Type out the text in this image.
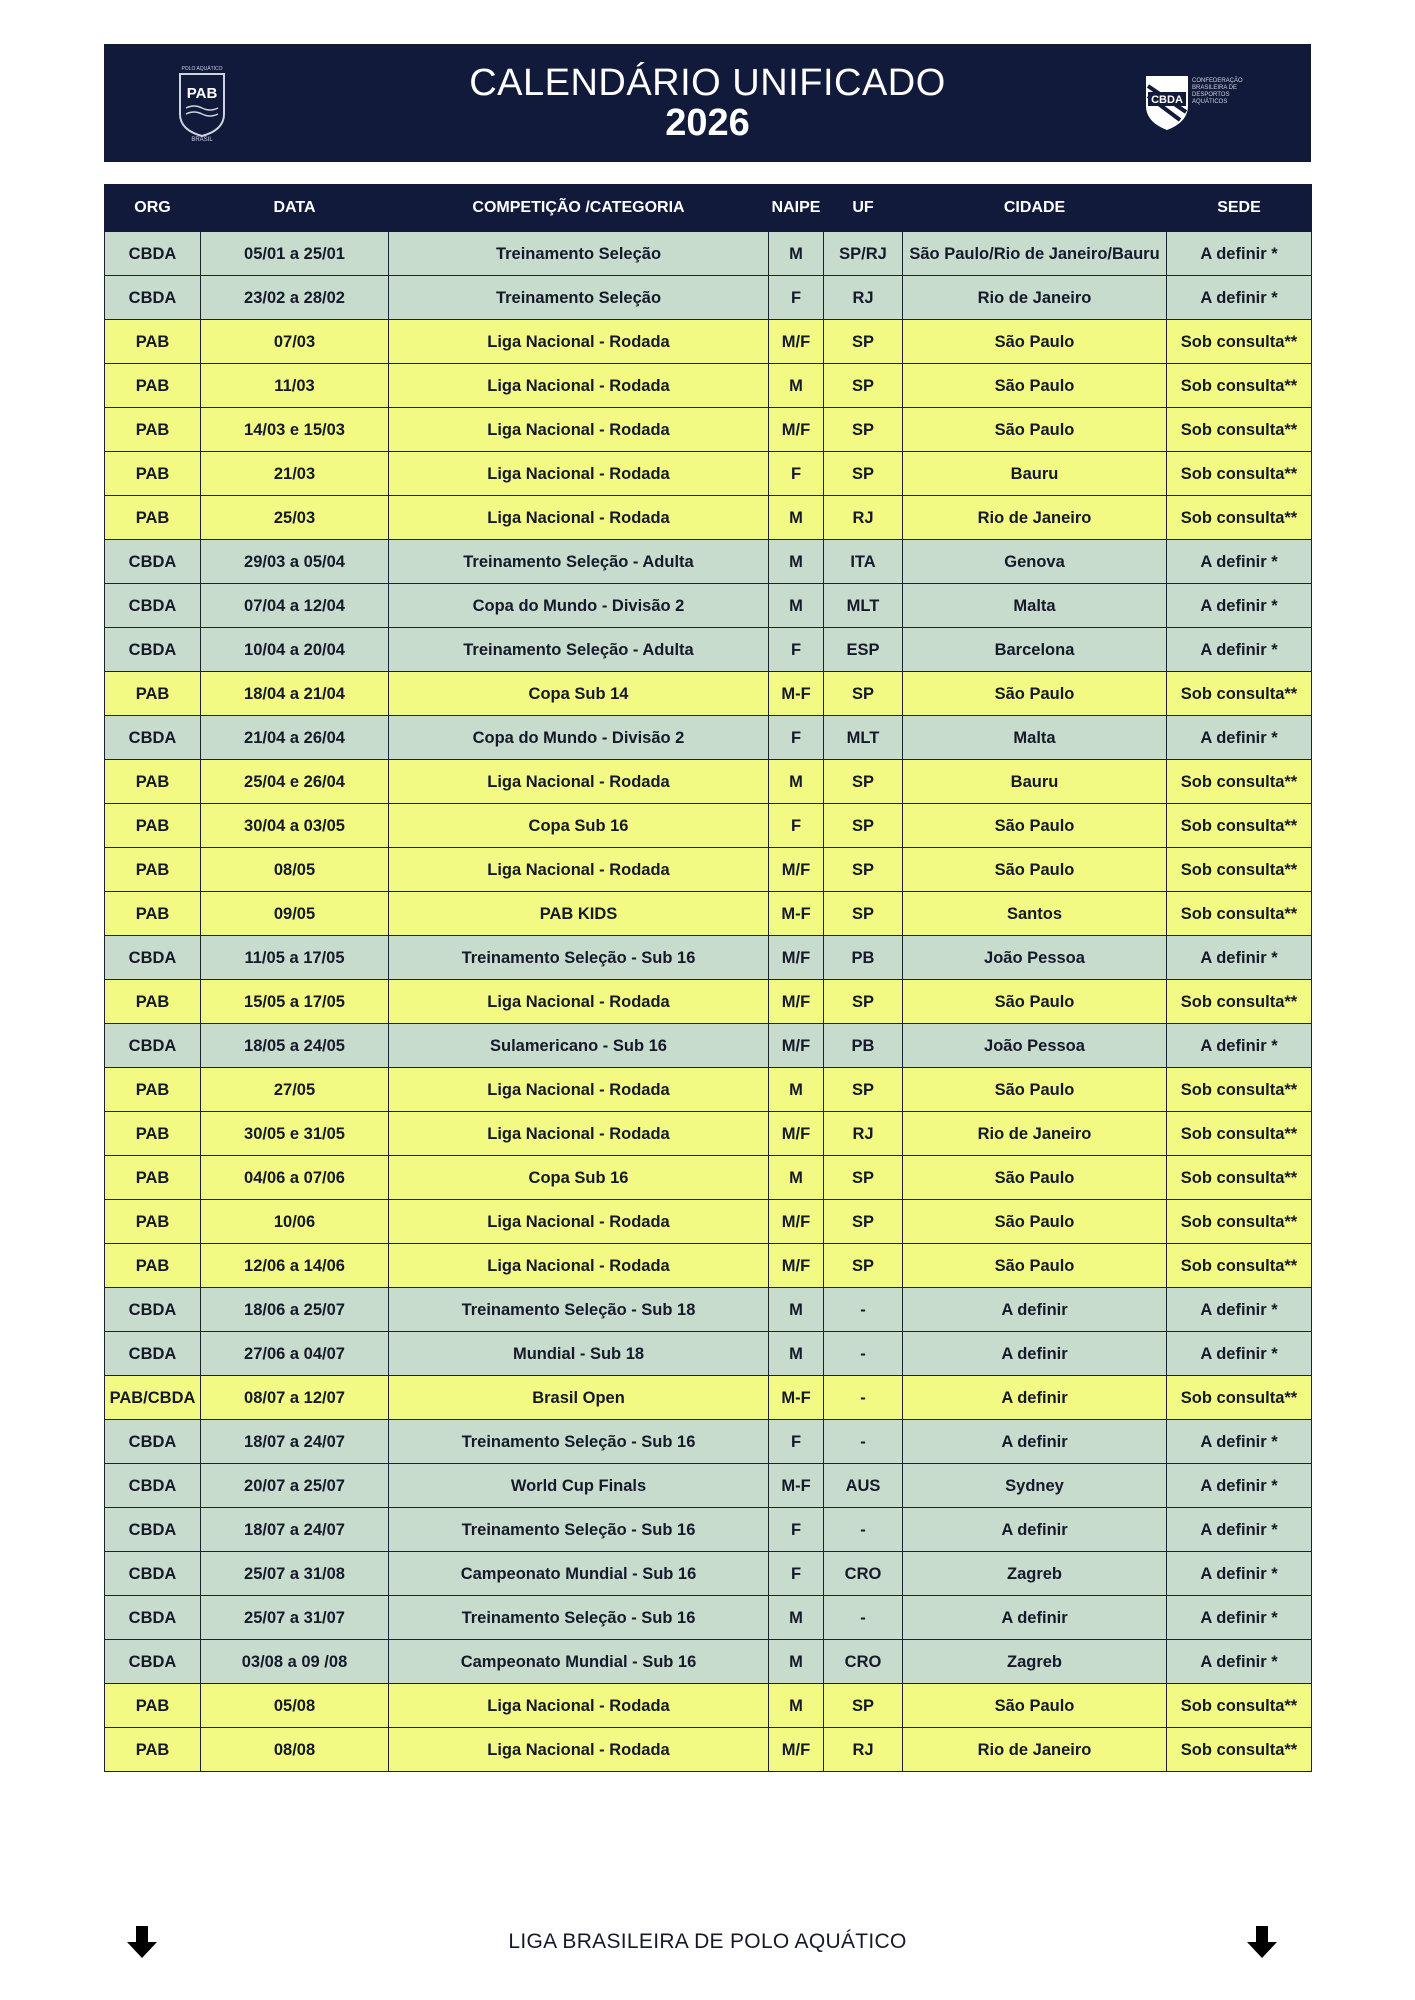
POLO AQUÁTICO
PAB
BRASIL
CALENDÁRIO UNIFICADO
2026
CBDA
CONFEDERAÇÃO BRASILEIRA DE DESPORTOS AQUÁTICOS
ORG	DATA	COMPETIÇÃO /CATEGORIA	NAIPE	UF	CIDADE	SEDE
CBDA	05/01 a 25/01	Treinamento Seleção	M	SP/RJ	São Paulo/Rio de Janeiro/Bauru	A definir *
CBDA	23/02 a 28/02	Treinamento Seleção	F	RJ	Rio de Janeiro	A definir *
PAB	07/03	Liga Nacional - Rodada	M/F	SP	São Paulo	Sob consulta**
PAB	11/03	Liga Nacional - Rodada	M	SP	São Paulo	Sob consulta**
PAB	14/03 e 15/03	Liga Nacional - Rodada	M/F	SP	São Paulo	Sob consulta**
PAB	21/03	Liga Nacional - Rodada	F	SP	Bauru	Sob consulta**
PAB	25/03	Liga Nacional - Rodada	M	RJ	Rio de Janeiro	Sob consulta**
CBDA	29/03 a 05/04	Treinamento Seleção - Adulta	M	ITA	Genova	A definir *
CBDA	07/04 a 12/04	Copa do Mundo - Divisão 2	M	MLT	Malta	A definir *
CBDA	10/04 a 20/04	Treinamento Seleção - Adulta	F	ESP	Barcelona	A definir *
PAB	18/04 a 21/04	Copa Sub 14	M-F	SP	São Paulo	Sob consulta**
CBDA	21/04 a 26/04	Copa do Mundo - Divisão 2	F	MLT	Malta	A definir *
PAB	25/04 e 26/04	Liga Nacional - Rodada	M	SP	Bauru	Sob consulta**
PAB	30/04 a 03/05	Copa Sub 16	F	SP	São Paulo	Sob consulta**
PAB	08/05	Liga Nacional - Rodada	M/F	SP	São Paulo	Sob consulta**
PAB	09/05	PAB KIDS	M-F	SP	Santos	Sob consulta**
CBDA	11/05 a 17/05	Treinamento Seleção - Sub 16	M/F	PB	João Pessoa	A definir *
PAB	15/05 a 17/05	Liga Nacional - Rodada	M/F	SP	São Paulo	Sob consulta**
CBDA	18/05 a 24/05	Sulamericano - Sub 16	M/F	PB	João Pessoa	A definir *
PAB	27/05	Liga Nacional - Rodada	M	SP	São Paulo	Sob consulta**
PAB	30/05 e 31/05	Liga Nacional - Rodada	M/F	RJ	Rio de Janeiro	Sob consulta**
PAB	04/06 a 07/06	Copa Sub 16	M	SP	São Paulo	Sob consulta**
PAB	10/06	Liga Nacional - Rodada	M/F	SP	São Paulo	Sob consulta**
PAB	12/06 a 14/06	Liga Nacional - Rodada	M/F	SP	São Paulo	Sob consulta**
CBDA	18/06 a 25/07	Treinamento Seleção - Sub 18	M	-	A definir	A definir *
CBDA	27/06 a 04/07	Mundial - Sub 18	M	-	A definir	A definir *
PAB/CBDA	08/07 a 12/07	Brasil Open	M-F	-	A definir	Sob consulta**
CBDA	18/07 a 24/07	Treinamento Seleção - Sub 16	F	-	A definir	A definir *
CBDA	20/07 a 25/07	World Cup Finals	M-F	AUS	Sydney	A definir *
CBDA	18/07 a 24/07	Treinamento Seleção - Sub 16	F	-	A definir	A definir *
CBDA	25/07 a 31/08	Campeonato Mundial - Sub 16	F	CRO	Zagreb	A definir *
CBDA	25/07 a 31/07	Treinamento Seleção - Sub 16	M	-	A definir	A definir *
CBDA	03/08 a 09 /08	Campeonato Mundial - Sub 16	M	CRO	Zagreb	A definir *
PAB	05/08	Liga Nacional - Rodada	M	SP	São Paulo	Sob consulta**
PAB	08/08	Liga Nacional - Rodada	M/F	RJ	Rio de Janeiro	Sob consulta**
LIGA BRASILEIRA DE POLO AQUÁTICO
